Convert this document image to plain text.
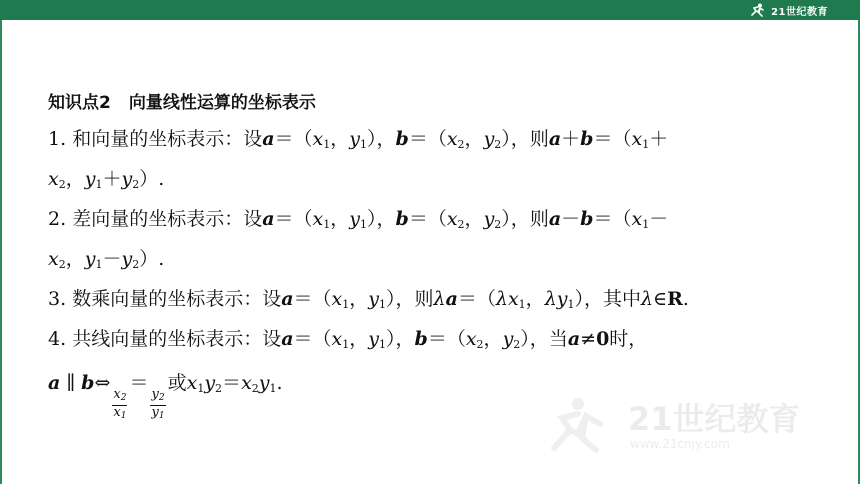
21世纪教育
知识点2 向量线性运算的坐标表示
1. 和向量的坐标表示：设$a=(x_1$，$y_1$），$b=(x_2$，$y_2$），则$a+b=(x_1+$
$x_2$，$y_1+y_2$）.
2. 差向量的坐标表示：设$a=(x_1$，$y_1$），$b=(x_2$，$y_2$），则$a-b=(x_1-$
$x_2$，$y_1-y_2$）.
3. 数乘向量的坐标表示：设$a=(x_1$，$y_1$），则$\lambda a=(\lambda x_1$，$\lambda y_1$），其中λ∈R.
4. 共线向量的坐标表示：设$a=(x_1$，$y_1$），$b=(x_2$，$y_2$），当a≠0时，
a ∥ b⇔
$\frac{x_2}{x_1}$
＝
$\frac{y_2}{y_1}$
或$x_1y_2=x_2y_1$.
21世纪教育
www.21cnjy.com
